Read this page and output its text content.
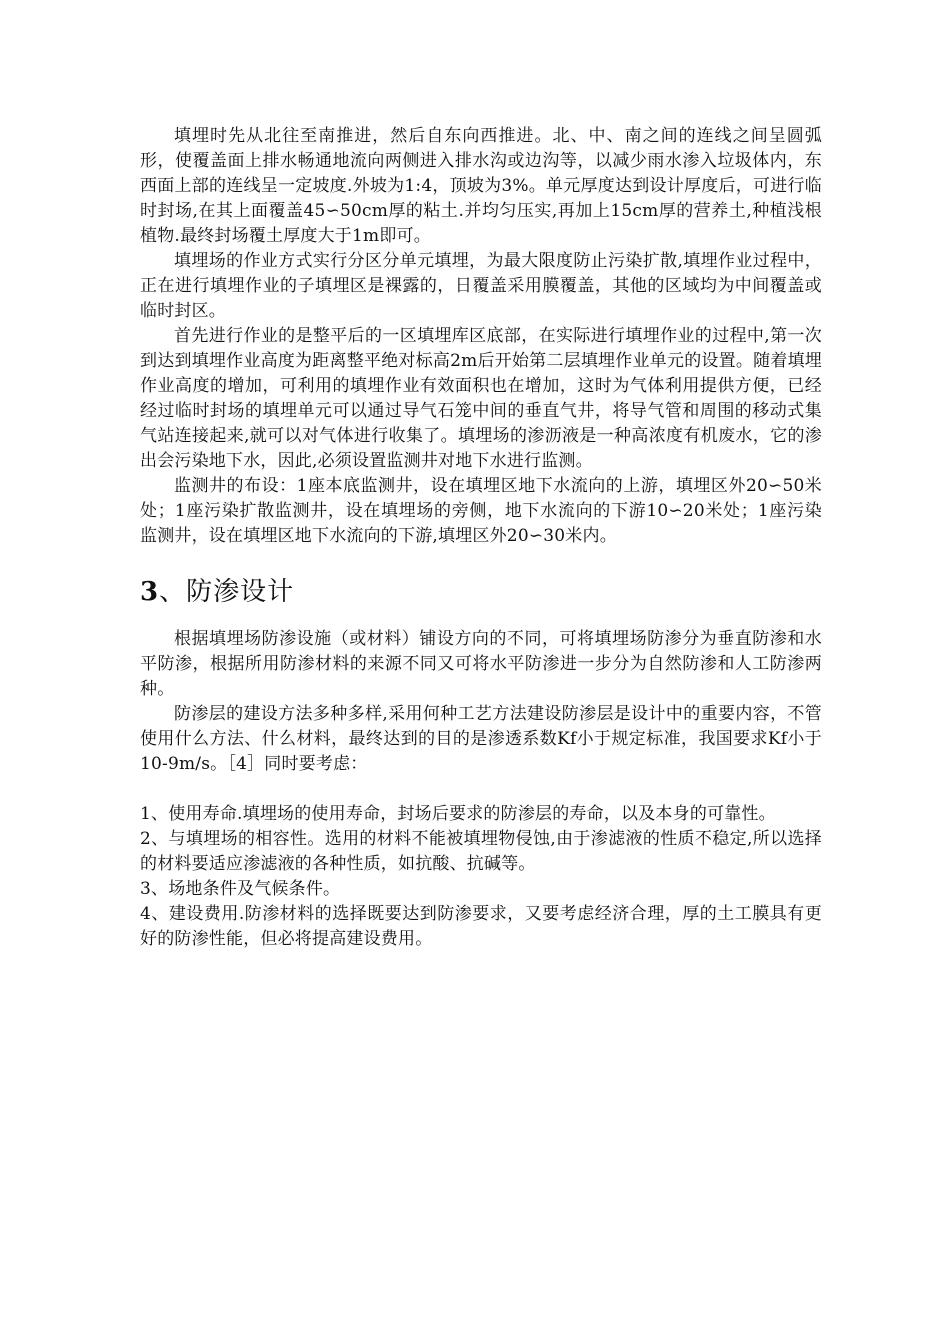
填埋时先从北往至南推进，然后自东向西推进。北、中、南之间的连线之间呈圆弧形，使覆盖面上排水畅通地流向两侧进入排水沟或边沟等，以减少雨水渗入垃圾体内，东西面上部的连线呈一定坡度.外坡为1:4，顶坡为3%。单元厚度达到设计厚度后，可进行临时封场,在其上面覆盖45∽50cm厚的粘土.并均匀压实,再加上15cm厚的营养土,种植浅根植物.最终封场覆土厚度大于1m即可。

填埋场的作业方式实行分区分单元填埋，为最大限度防止污染扩散,填埋作业过程中，正在进行填埋作业的子填埋区是裸露的，日覆盖采用膜覆盖，其他的区域均为中间覆盖或临时封区。

首先进行作业的是整平后的一区填埋库区底部，在实际进行填埋作业的过程中,第一次到达到填埋作业高度为距离整平绝对标高2m后开始第二层填埋作业单元的设置。随着填埋作业高度的增加，可利用的填埋作业有效面积也在增加，这时为气体利用提供方便，已经经过临时封场的填埋单元可以通过导气石笼中间的垂直气井，将导气管和周围的移动式集气站连接起来,就可以对气体进行收集了。填埋场的渗沥液是一种高浓度有机废水，它的渗出会污染地下水，因此,必须设置监测井对地下水进行监测。

监测井的布设：1座本底监测井，设在填埋区地下水流向的上游，填埋区外20∽50米处；1座污染扩散监测井，设在填埋场的旁侧，地下水流向的下游10∽20米处；1座污染监测井，设在填埋区地下水流向的下游,填埋区外20∽30米内。

3、防渗设计

根据填埋场防渗设施（或材料）铺设方向的不同，可将填埋场防渗分为垂直防渗和水平防渗，根据所用防渗材料的来源不同又可将水平防渗进一步分为自然防渗和人工防渗两种。

防渗层的建设方法多种多样,采用何种工艺方法建设防渗层是设计中的重要内容，不管使用什么方法、什么材料，最终达到的目的是渗透系数Kf小于规定标准，我国要求Kf小于10-9m/s。［4］同时要考虑：

1、使用寿命.填埋场的使用寿命，封场后要求的防渗层的寿命，以及本身的可靠性。

2、与填埋场的相容性。选用的材料不能被填埋物侵蚀,由于渗滤液的性质不稳定,所以选择的材料要适应渗滤液的各种性质，如抗酸、抗碱等。

3、场地条件及气候条件。

4、建设费用.防渗材料的选择既要达到防渗要求，又要考虑经济合理，厚的土工膜具有更好的防渗性能，但必将提高建设费用。
